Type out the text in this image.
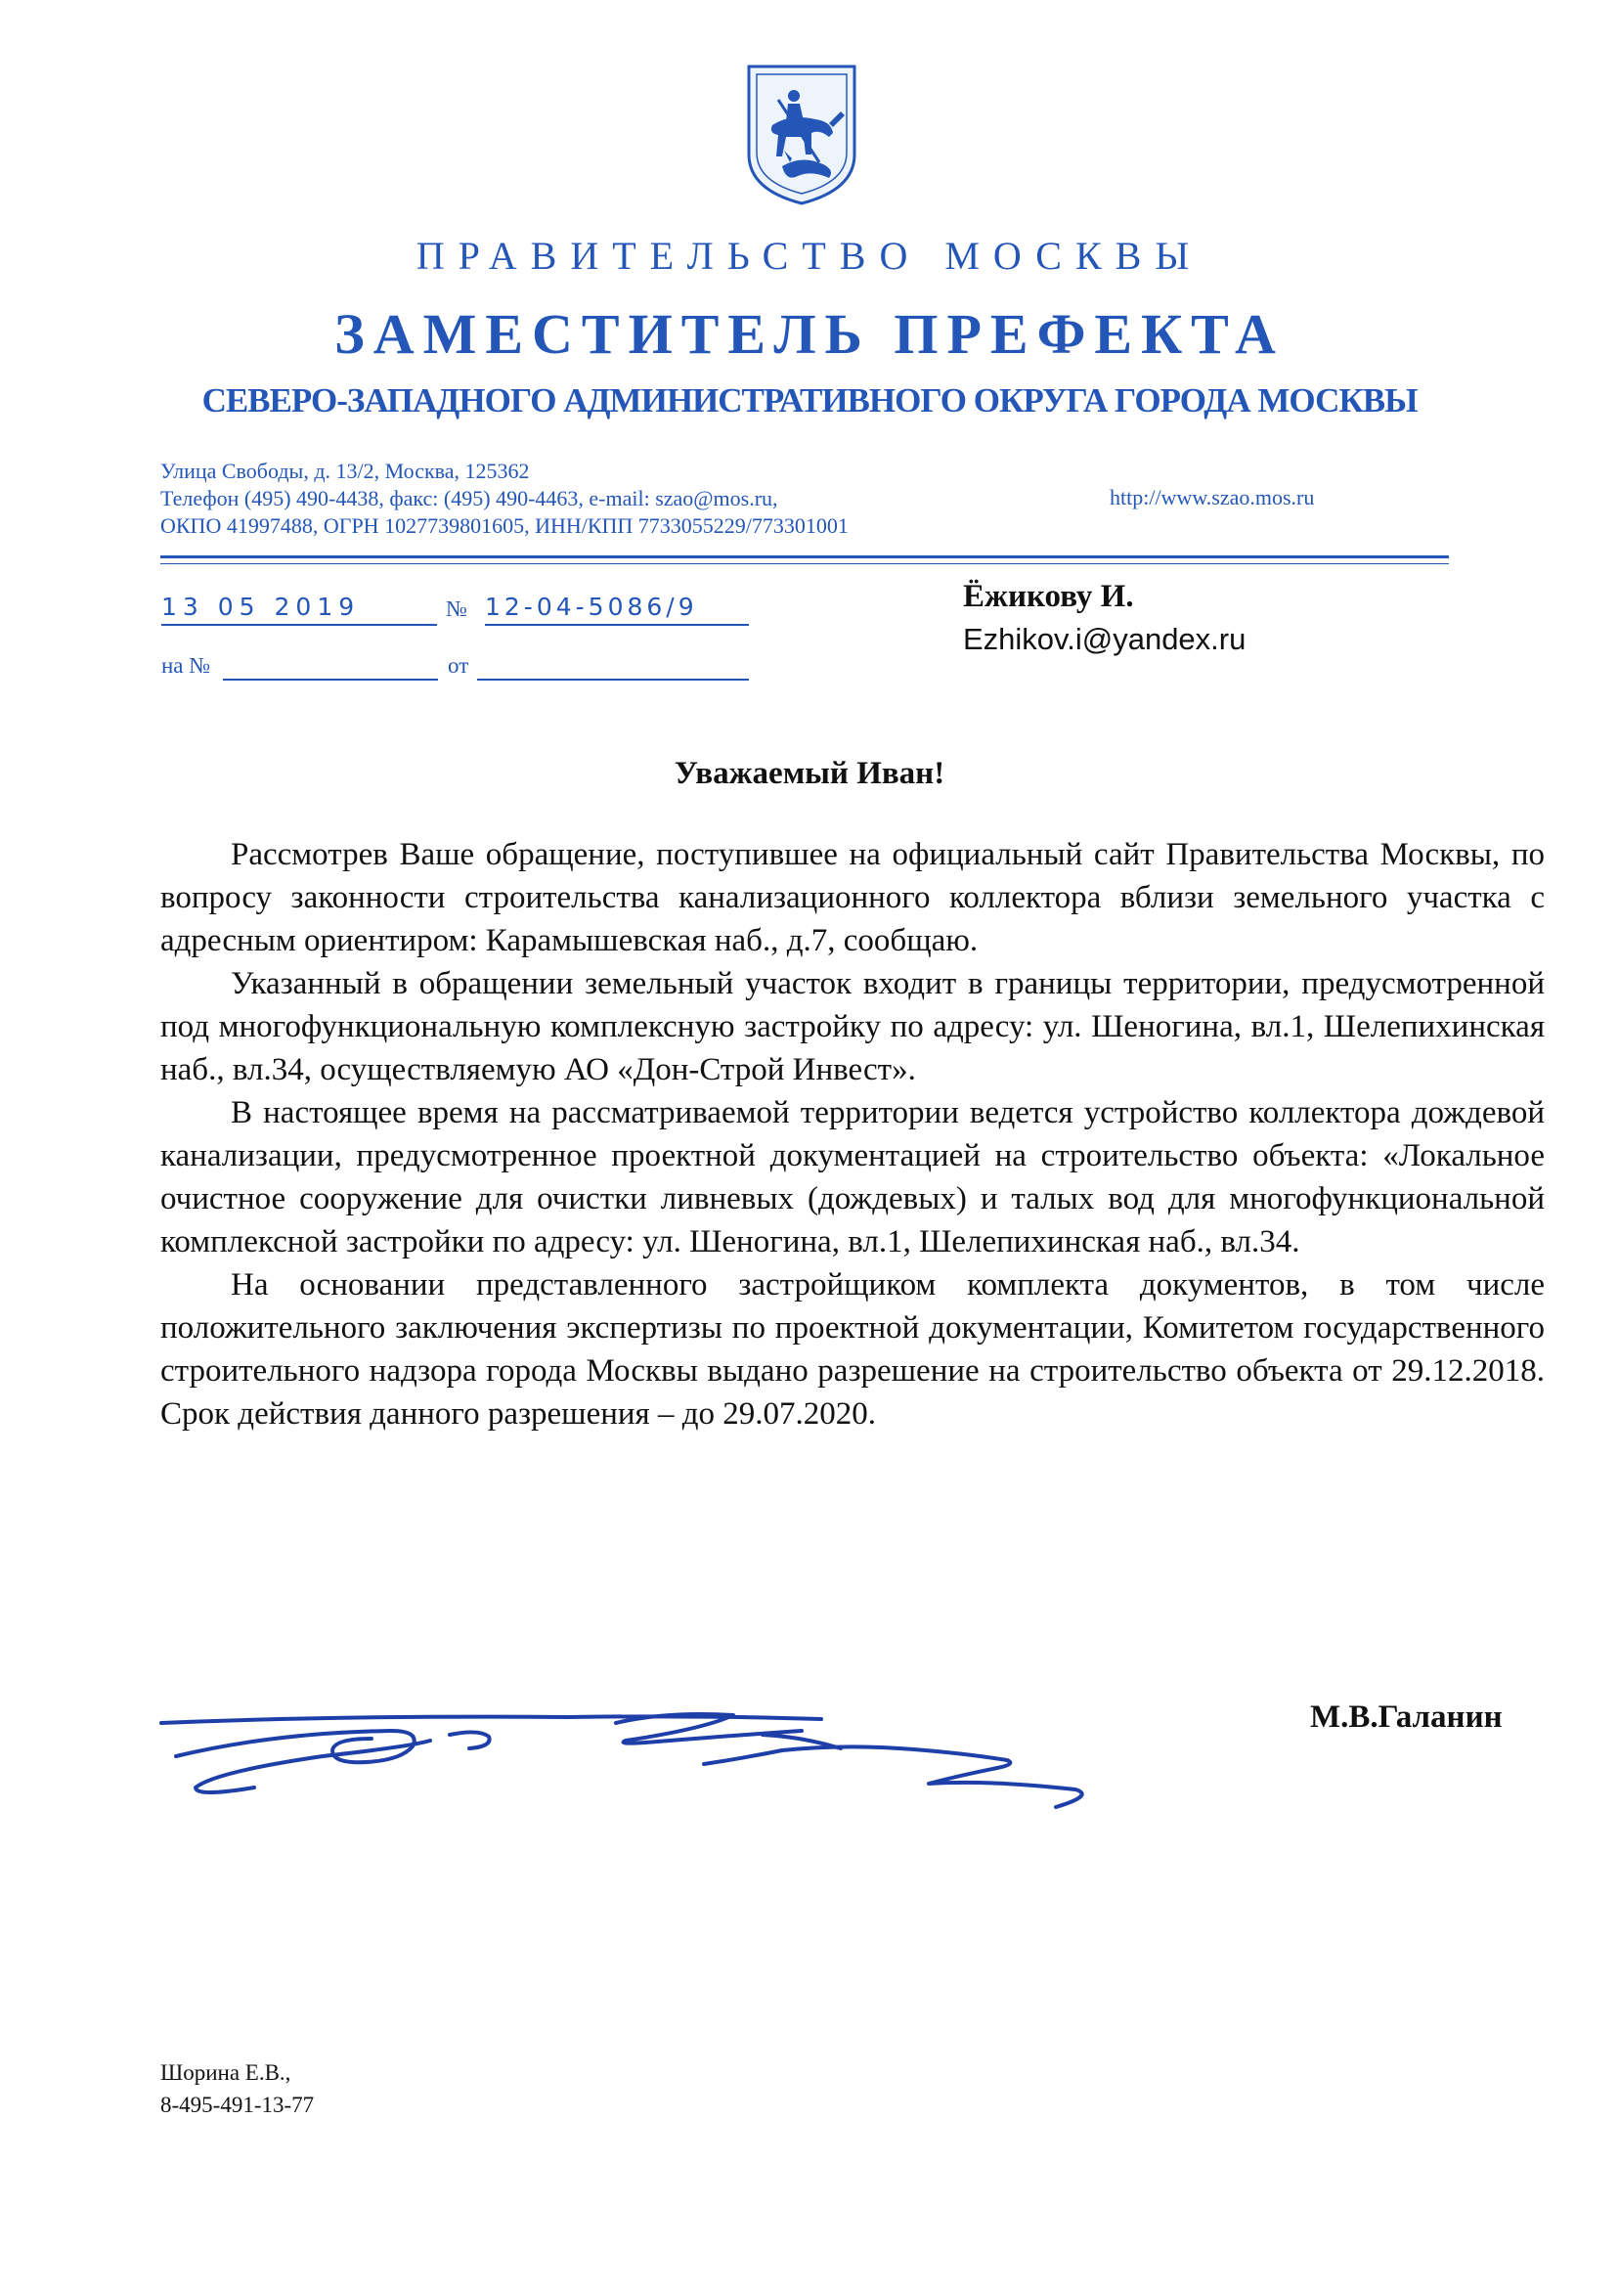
ПРАВИТЕЛЬСТВО МОСКВЫ
ЗАМЕСТИТЕЛЬ ПРЕФЕКТА
СЕВЕРО-ЗАПАДНОГО АДМИНИСТРАТИВНОГО ОКРУГА ГОРОДА МОСКВЫ
Улица Свободы, д. 13/2, Москва, 125362
Телефон (495) 490-4438, факс: (495) 490-4463, e-mail: szao@mos.ru,
ОКПО 41997488, ОГРН 1027739801605, ИНН/КПП 7733055229/773301001
http://www.szao.mos.ru
13 05 2019	№ 12-04-5086/9
на №	от
Ёжикову И.
Ezhikov.i@yandex.ru
Уважаемый Иван!

Рассмотрев Ваше обращение, поступившее на официальный сайт Правительства Москвы, по вопросу законности строительства канализационного коллектора вблизи земельного участка с адресным ориентиром: Карамышевская наб., д.7, сообщаю.

Указанный в обращении земельный участок входит в границы территории, предусмотренной под многофункциональную комплексную застройку по адресу: ул. Шеногина, вл.1, Шелепихинская наб., вл.34, осуществляемую АО «Дон-Строй Инвест».

В настоящее время на рассматриваемой территории ведется устройство коллектора дождевой канализации, предусмотренное проектной документацией на строительство объекта: «Локальное очистное сооружение для очистки ливневых (дождевых) и талых вод для многофункциональной комплексной застройки по адресу: ул. Шеногина, вл.1, Шелепихинская наб., вл.34.

На основании представленного застройщиком комплекта документов, в том числе положительного заключения экспертизы по проектной документации, Комитетом государственного строительного надзора города Москвы выдано разрешение на строительство объекта от 29.12.2018. Срок действия данного разрешения – до 29.07.2020.

М.В.Галанин
Шорина Е.В.,
8-495-491-13-77
